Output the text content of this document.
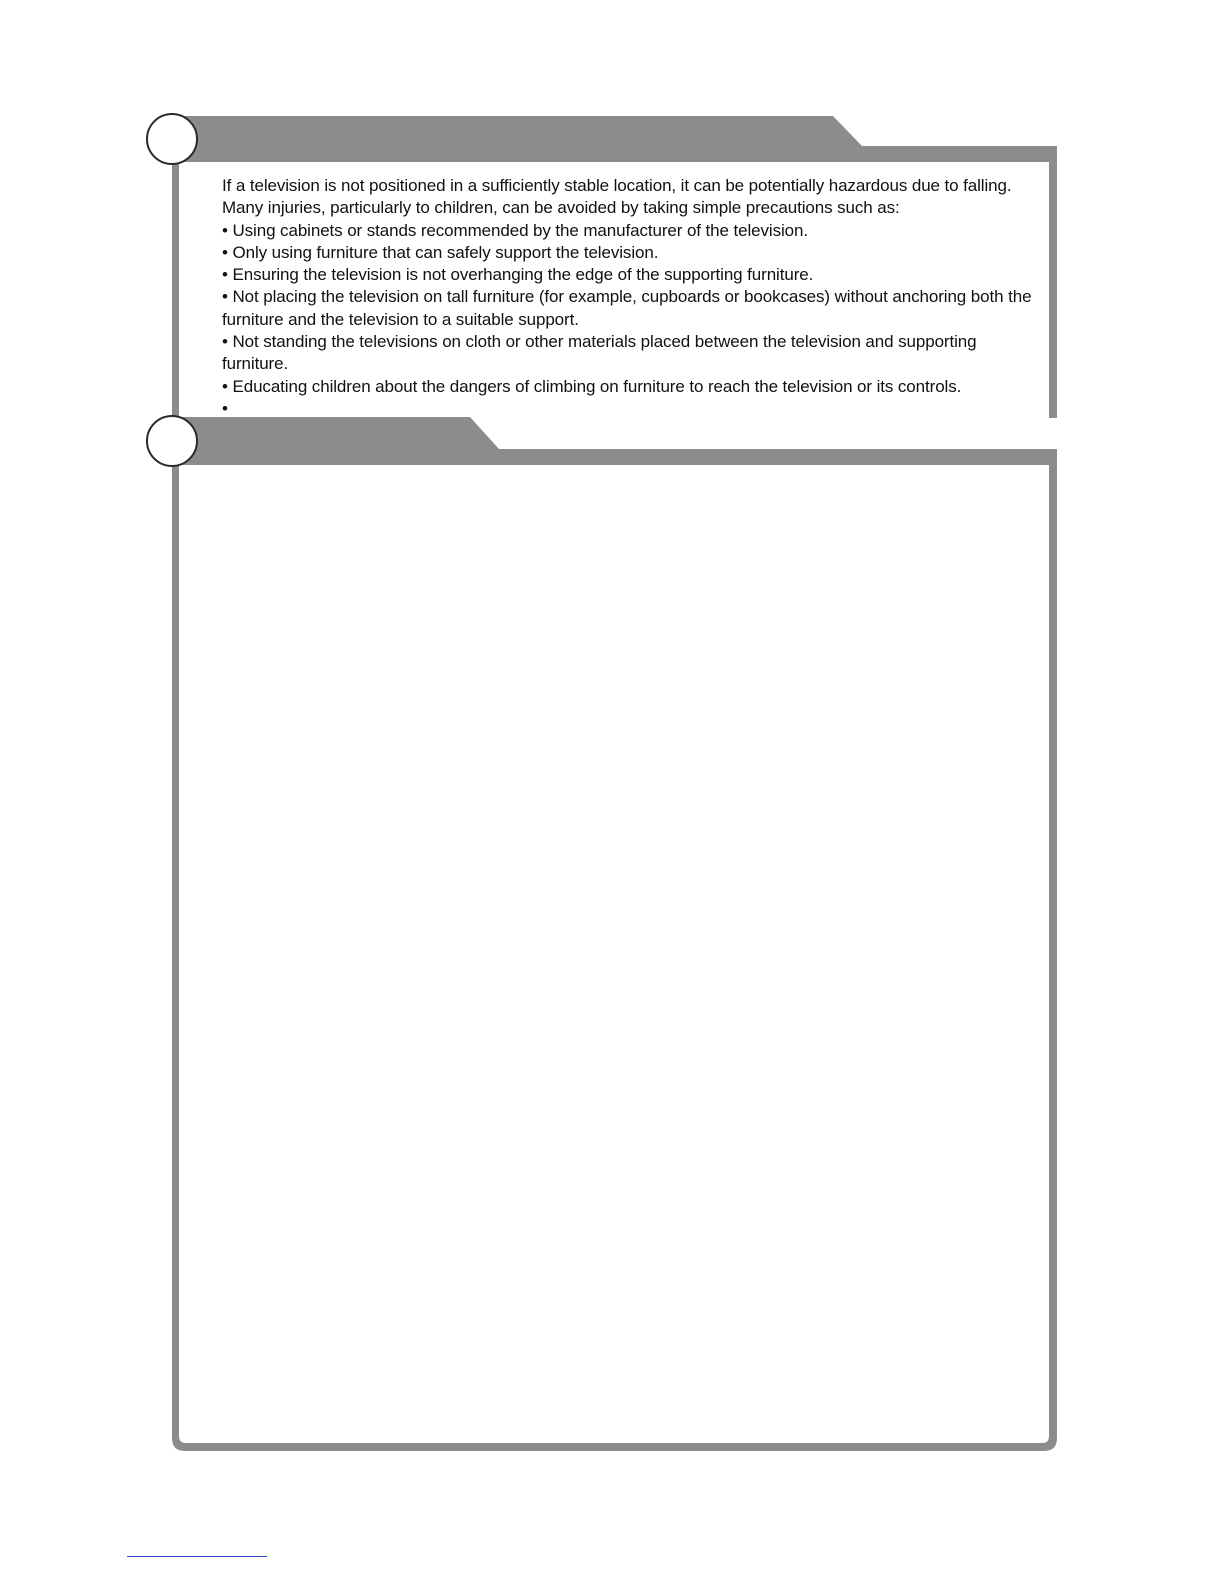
If a television is not positioned in a sufficiently stable location, it can be potentially hazardous due to falling. Many injuries, particularly to children, can be avoided by taking simple precautions such as:

• Using cabinets or stands recommended by the manufacturer of the television.

• Only using furniture that can safely support the television.

• Ensuring the television is not overhanging the edge of the supporting furniture.

• Not placing the television on tall furniture (for example, cupboards or bookcases) without anchoring both the furniture and the television to a suitable support.

• Not standing the televisions on cloth or other materials placed between the television and supporting furniture.

• Educating children about the dangers of climbing on furniture to reach the television or its controls.

•
